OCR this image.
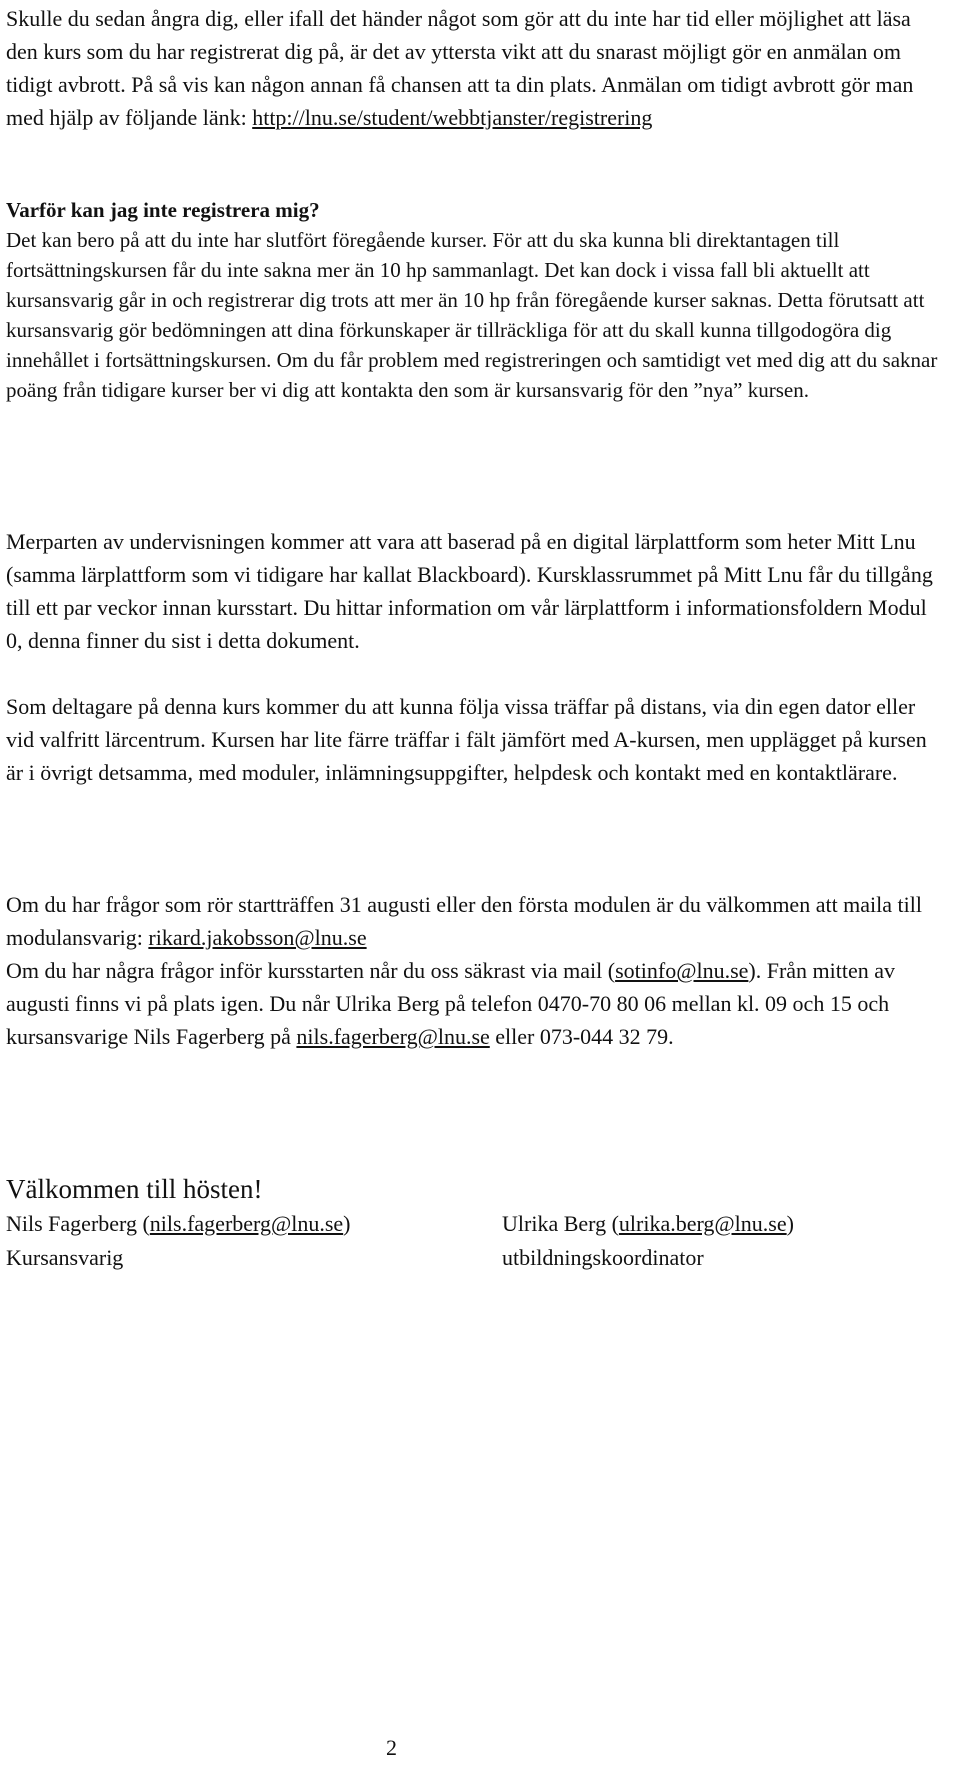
Skulle du sedan ångra dig, eller ifall det händer något som gör att du inte har tid eller möjlighet att läsa den kurs som du har registrerat dig på, är det av yttersta vikt att du snarast möjligt gör en anmälan om tidigt avbrott. På så vis kan någon annan få chansen att ta din plats. Anmälan om tidigt avbrott gör man med hjälp av följande länk: http://lnu.se/student/webbtjanster/registrering
Varför kan jag inte registrera mig?
Det kan bero på att du inte har slutfört föregående kurser. För att du ska kunna bli direktantagen till fortsättningskursen får du inte sakna mer än 10 hp sammanlagt. Det kan dock i vissa fall bli aktuellt att kursansvarig går in och registrerar dig trots att mer än 10 hp från föregående kurser saknas. Detta förutsatt att kursansvarig gör bedömningen att dina förkunskaper är tillräckliga för att du skall kunna tillgodogöra dig innehållet i fortsättningskursen. Om du får problem med registreringen och samtidigt vet med dig att du saknar poäng från tidigare kurser ber vi dig att kontakta den som är kursansvarig för den ”nya” kursen.
Merparten av undervisningen kommer att vara att baserad på en digital lärplattform som heter Mitt Lnu (samma lärplattform som vi tidigare har kallat Blackboard). Kursklassrummet på Mitt Lnu får du tillgång till ett par veckor innan kursstart. Du hittar information om vår lärplattform i informationsfoldern Modul 0, denna finner du sist i detta dokument.
Som deltagare på denna kurs kommer du att kunna följa vissa träffar på distans, via din egen dator eller vid valfritt lärcentrum. Kursen har lite färre träffar i fält jämfört med A-kursen, men upplägget på kursen är i övrigt detsamma, med moduler, inlämningsuppgifter, helpdesk och kontakt med en kontaktlärare.
Om du har frågor som rör startträffen 31 augusti eller den första modulen är du välkommen att maila till modulansvarig: rikard.jakobsson@lnu.se
Om du har några frågor inför kursstarten når du oss säkrast via mail (sotinfo@lnu.se). Från mitten av augusti finns vi på plats igen. Du når Ulrika Berg på telefon 0470-70 80 06 mellan kl. 09 och 15 och kursansvarige Nils Fagerberg på nils.fagerberg@lnu.se eller 073-044 32 79.
Välkommen till hösten!
Nils Fagerberg (nils.fagerberg@lnu.se)
Kursansvarig
Ulrika Berg (ulrika.berg@lnu.se)
utbildningskoordinator
2
